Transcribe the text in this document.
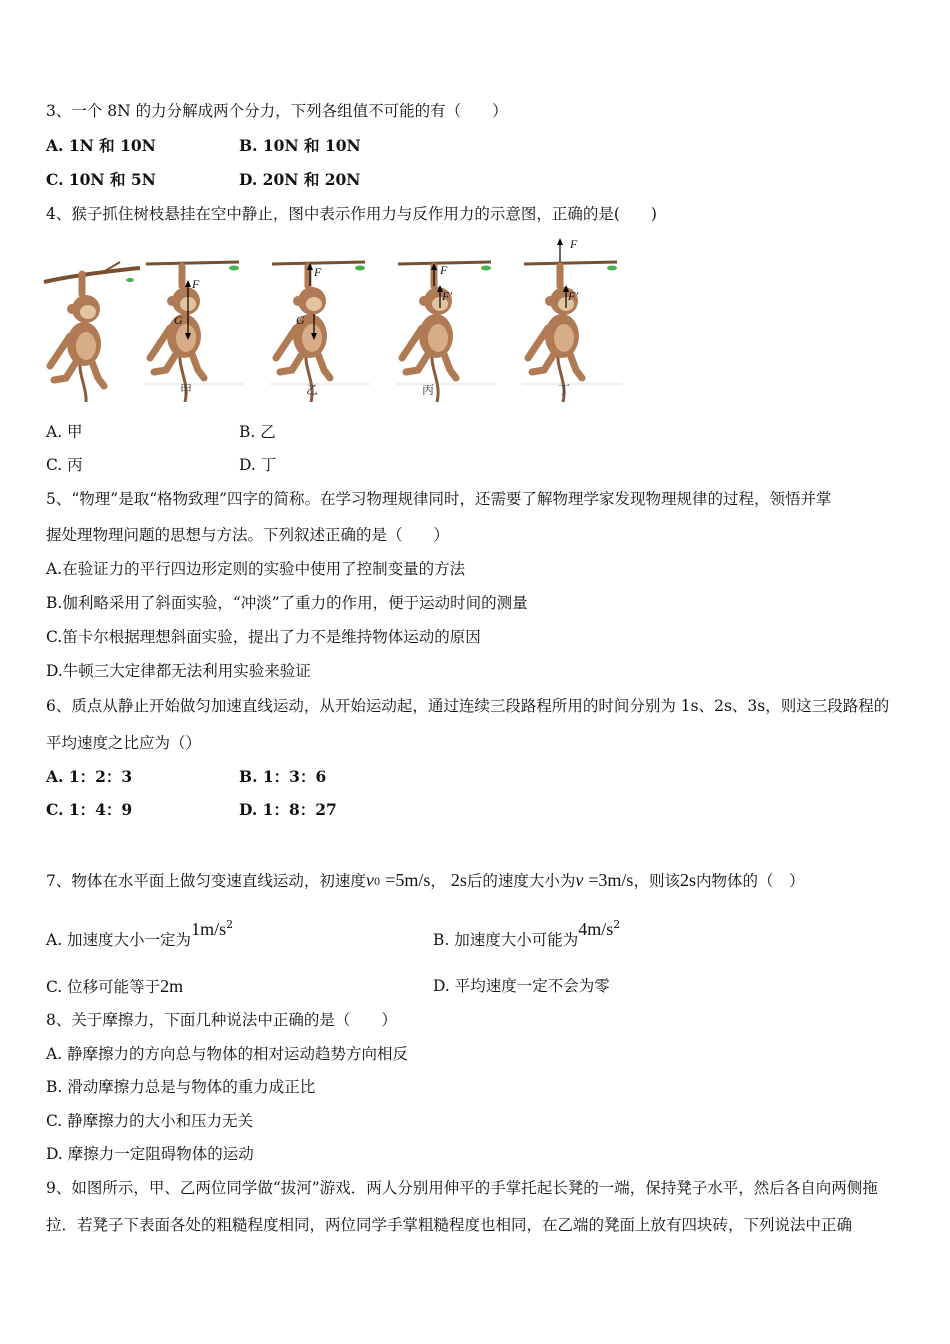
3、一个 8N 的力分解成两个分力，下列各组值不可能的有（　　）
A. 1N 和 10N	B. 10N 和 10N
C. 10N 和 5N	D. 20N 和 20N
4、猴子抓住树枝悬挂在空中静止，图中表示作用力与反作用力的示意图，正确的是(　　)
F
G
甲
F
G
乙
F
F′
丙
F
F′
丁
A. 甲	B. 乙
C. 丙	D. 丁
5、“物理”是取“格物致理”四字的简称。在学习物理规律同时，还需要了解物理学家发现物理规律的过程，领悟并掌
握处理物理问题的思想与方法。下列叙述正确的是（　　）
A.在验证力的平行四边形定则的实验中使用了控制变量的方法
B.伽利略采用了斜面实验，“冲淡”了重力的作用，便于运动时间的测量
C.笛卡尔根据理想斜面实验，提出了力不是维持物体运动的原因
D.牛顿三大定律都无法利用实验来验证
6、质点从静止开始做匀加速直线运动，从开始运动起，通过连续三段路程所用的时间分别为 1s、2s、3s，则这三段路程的
平均速度之比应为（）
A. 1：2：3	B. 1：3：6
C. 1：4：9	D. 1：8：27
7、物体在水平面上做匀变速直线运动，初速度v0 =5m/s， 2s后的速度大小为v =3m/s，则该2s内物体的（　）
A. 加速度大小一定为$1m/s^2$
B. 加速度大小可能为$4m/s^2$
C. 位移可能等于2m	D. 平均速度一定不会为零
8、关于摩擦力，下面几种说法中正确的是（　　）
A. 静摩擦力的方向总与物体的相对运动趋势方向相反
B. 滑动摩擦力总是与物体的重力成正比
C. 静摩擦力的大小和压力无关
D. 摩擦力一定阻碍物体的运动
9、如图所示，甲、乙两位同学做“拔河”游戏．两人分别用伸平的手掌托起长凳的一端，保持凳子水平，然后各自向两侧拖
拉．若凳子下表面各处的粗糙程度相同，两位同学手掌粗糙程度也相同，在乙端的凳面上放有四块砖，下列说法中正确
